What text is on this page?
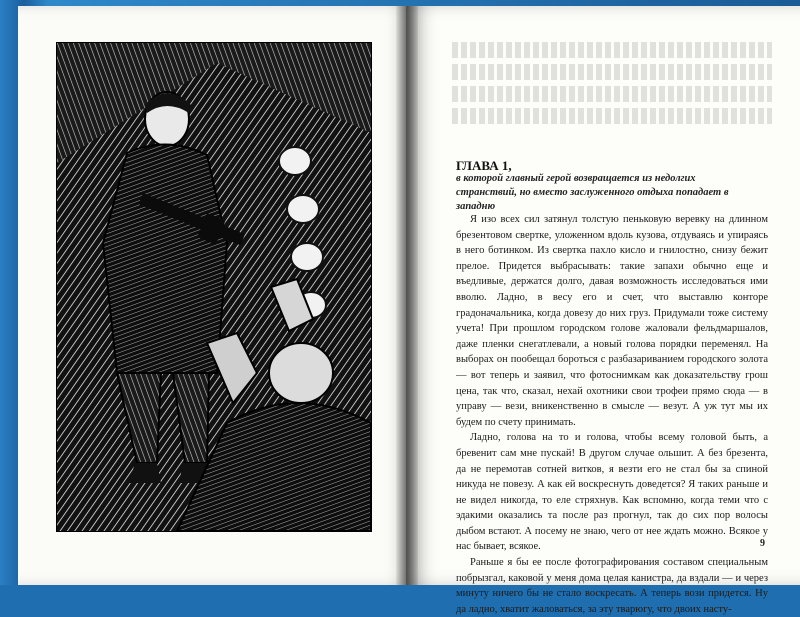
ГЛАВА 1,
в которой главный герой возвращается из недолгих странствий, но вместо заслуженного отдыха попадает в западню

Я изо всех сил затянул толстую пеньковую веревку на длинном брезентовом свертке, уложенном вдоль кузова, отдуваясь и упираясь в него ботинком. Из свертка пахло кисло и гнилостно, снизу бежит прелое. Придется выбрасывать: такие запахи обычно еще и въедливые, держатся долго, давая возможность исследоваться ими вволю. Ладно, в весу его и счет, что выставлю конторе градоначальника, когда довезу до них груз. Придумали тоже систему учета! При прошлом городском голове жаловали фельдмаршалов, даже пленки снегатлевали, а новый голова порядки переменял. На выборах он пообещал бороться с разбазариванием городского золота — вот теперь и заявил, что фотоснимкам как доказательству грош цена, так что, сказал, нехай охотники свои трофеи прямо сюда — в управу — вези, вникенственно в смысле — везут. А уж тут мы их будем по счету принимать.

Ладно, голова на то и голова, чтобы всему головой быть, а бревенит сам мне пускай! В другом случае ольшит. А без брезента, да не перемотав сотней витков, я везти его не стал бы за спиной никуда не повезу. А как ей воскреснуть доведется? Я таких раньше и не видел никогда, то еле стряхнув. Как вспомню, когда теми что с эдакими оказались та после раз прогнул, так до сих пор волосы дыбом встают. А посему не знаю, чего от нее ждать можно. Всякое у нас бывает, всякое.

Раньше я бы ее после фотографирования составом специальным побрызгал, каковой у меня дома целая канистра, да вздали — и через минуту ничего бы не стало воскресать. А теперь вози придется. Ну да ладно, хватит жаловаться, за эту тварюгу, что двоих насту-

9
